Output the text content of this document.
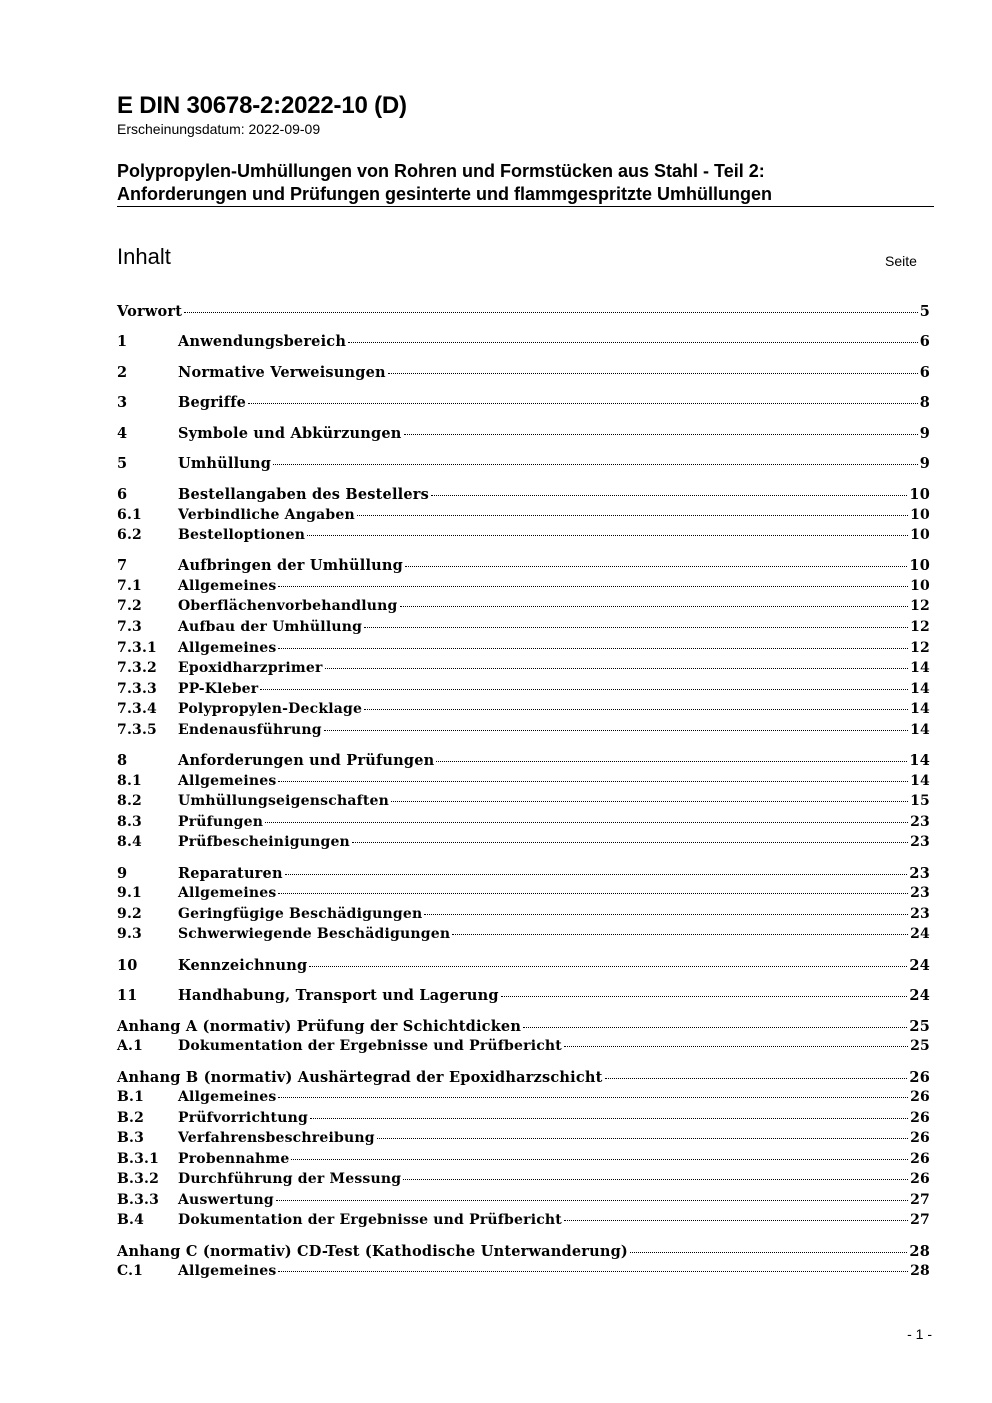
E DIN 30678-2:2022-10 (D)
Erscheinungsdatum: 2022-09-09
Polypropylen-Umhüllungen von Rohren und Formstücken aus Stahl - Teil 2:
Anforderungen und Prüfungen gesinterte und flammgespritzte Umhüllungen
Inhalt	Seite
Vorwort	5
1	Anwendungsbereich	6
2	Normative Verweisungen	6
3	Begriffe	8
4	Symbole und Abkürzungen	9
5	Umhüllung	9
6	Bestellangaben des Bestellers	10
6.1	Verbindliche Angaben	10
6.2	Bestelloptionen	10
7	Aufbringen der Umhüllung	10
7.1	Allgemeines	10
7.2	Oberflächenvorbehandlung	12
7.3	Aufbau der Umhüllung	12
7.3.1	Allgemeines	12
7.3.2	Epoxidharzprimer	14
7.3.3	PP-Kleber	14
7.3.4	Polypropylen-Decklage	14
7.3.5	Endenausführung	14
8	Anforderungen und Prüfungen	14
8.1	Allgemeines	14
8.2	Umhüllungseigenschaften	15
8.3	Prüfungen	23
8.4	Prüfbescheinigungen	23
9	Reparaturen	23
9.1	Allgemeines	23
9.2	Geringfügige Beschädigungen	23
9.3	Schwerwiegende Beschädigungen	24
10	Kennzeichnung	24
11	Handhabung, Transport und Lagerung	24
Anhang A (normativ) Prüfung der Schichtdicken	25
A.1	Dokumentation der Ergebnisse und Prüfbericht	25
Anhang B (normativ) Aushärtegrad der Epoxidharzschicht	26
B.1	Allgemeines	26
B.2	Prüfvorrichtung	26
B.3	Verfahrensbeschreibung	26
B.3.1	Probennahme	26
B.3.2	Durchführung der Messung	26
B.3.3	Auswertung	27
B.4	Dokumentation der Ergebnisse und Prüfbericht	27
Anhang C (normativ) CD-Test (Kathodische Unterwanderung)	28
C.1	Allgemeines	28
- 1 -
